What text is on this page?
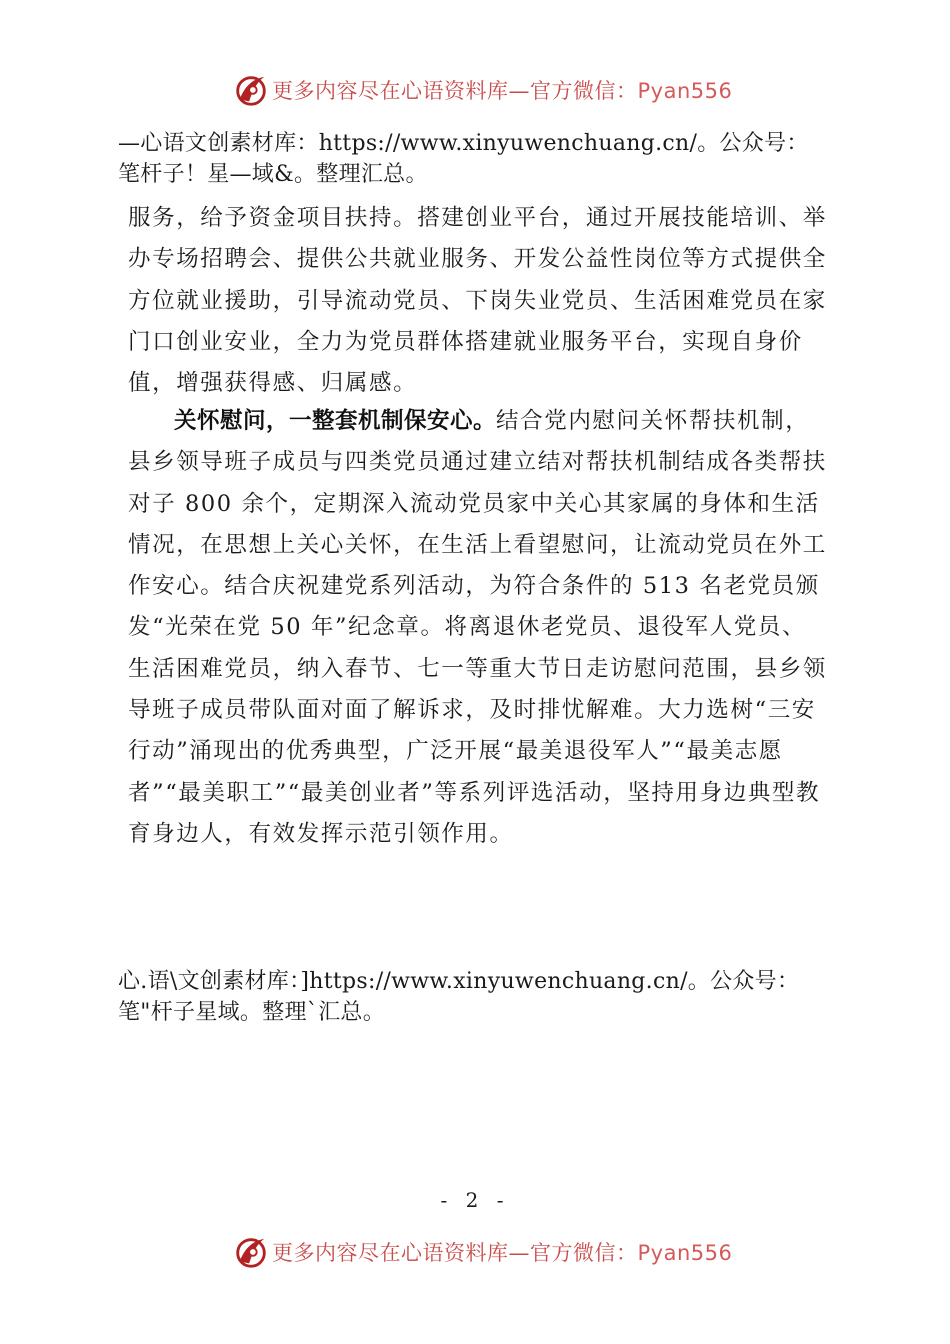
更多内容尽在心语资料库—官方微信：Pyan556
—心语文创素材库：https://www.xinyuwenchuang.cn/。公众号：
笔杆子！星—域&。整理汇总。

服务，给予资金项目扶持。搭建创业平台，通过开展技能培训、举办专场招聘会、提供公共就业服务、开发公益性岗位等方式提供全方位就业援助，引导流动党员、下岗失业党员、生活困难党员在家门口创业安业，全力为党员群体搭建就业服务平台，实现自身价值，增强获得感、归属感。

关怀慰问，一整套机制保安心。结合党内慰问关怀帮扶机制，县乡领导班子成员与四类党员通过建立结对帮扶机制结成各类帮扶对子 800 余个，定期深入流动党员家中关心其家属的身体和生活情况，在思想上关心关怀，在生活上看望慰问，让流动党员在外工作安心。结合庆祝建党系列活动，为符合条件的 513 名老党员颁发“光荣在党 50 年”纪念章。将离退休老党员、退役军人党员、生活困难党员，纳入春节、七一等重大节日走访慰问范围，县乡领导班子成员带队面对面了解诉求，及时排忧解难。大力选树“三安行动”涌现出的优秀典型，广泛开展“最美退役军人”“最美志愿者”“最美职工”“最美创业者”等系列评选活动，坚持用身边典型教育身边人，有效发挥示范引领作用。

心.语\文创素材库：]https://www.xinyuwenchuang.cn/。公众号：
笔"杆子星域。整理`汇总。
- 2 -
更多内容尽在心语资料库—官方微信：Pyan556
